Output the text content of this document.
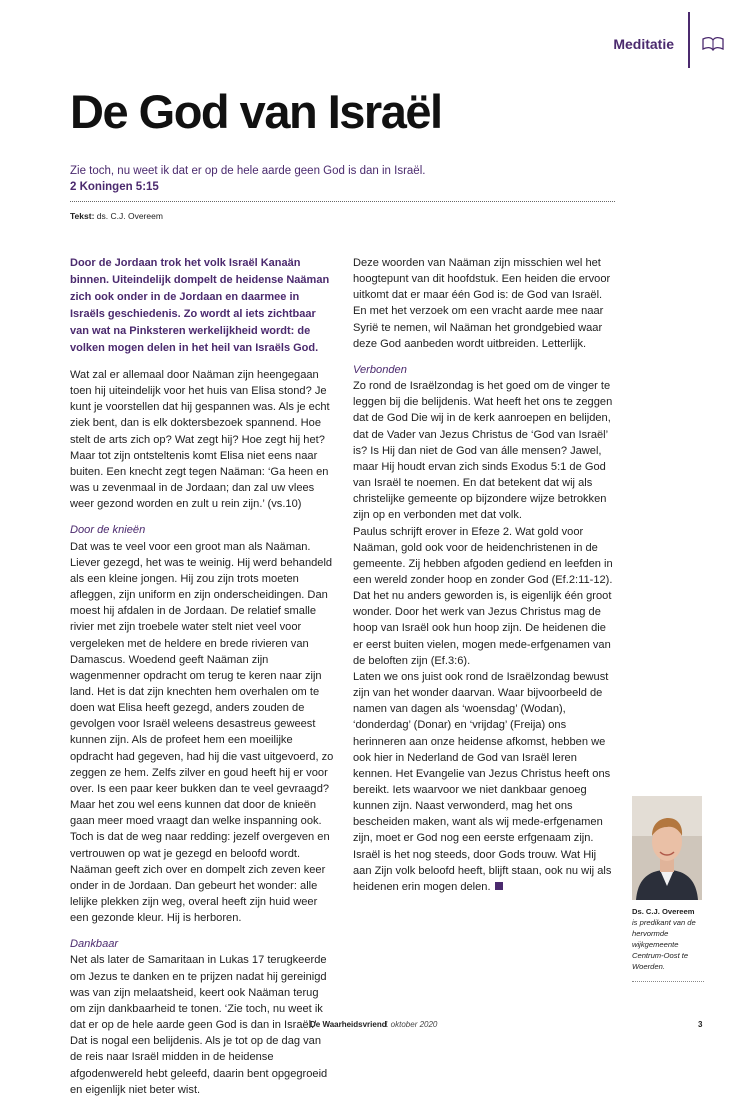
Meditatie
De God van Israël
Zie toch, nu weet ik dat er op de hele aarde geen God is dan in Israël.
2 Koningen 5:15
Tekst: ds. C.J. Overeem

Door de Jordaan trok het volk Israël Kanaän binnen. Uiteindelijk dompelt de heidense Naäman zich ook onder in de Jordaan en daarmee in Israëls geschiedenis. Zo wordt al iets zichtbaar van wat na Pinksteren werkelijkheid wordt: de volken mogen delen in het heil van Israëls God.

Wat zal er allemaal door Naäman zijn heengegaan toen hij uiteindelijk voor het huis van Elisa stond? Je kunt je voorstellen dat hij gespannen was. Als je echt ziek bent, dan is elk doktersbezoek spannend. Hoe stelt de arts zich op? Wat zegt hij? Hoe zegt hij het? Maar tot zijn ontsteltenis komt Elisa niet eens naar buiten. Een knecht zegt tegen Naäman: ‘Ga heen en was u zevenmaal in de Jordaan; dan zal uw vlees weer gezond worden en zult u rein zijn.’ (vs.10)

Door de knieën

Dat was te veel voor een groot man als Naäman. Liever gezegd, het was te weinig. Hij werd behandeld als een kleine jongen. Hij zou zijn trots moeten afleggen, zijn uniform en zijn onderscheidingen. Dan moest hij afdalen in de Jordaan. De relatief smalle rivier met zijn troebele water stelt niet veel voor vergeleken met de heldere en brede rivieren van Damascus. Woedend geeft Naäman zijn wagenmenner opdracht om terug te keren naar zijn land. Het is dat zijn knechten hem overhalen om te doen wat Elisa heeft gezegd, anders zouden de gevolgen voor Israël weleens desastreus geweest kunnen zijn. Als de profeet hem een moeilijke opdracht had gegeven, had hij die vast uitgevoerd, zo zeggen ze hem. Zelfs zilver en goud heeft hij er voor over. Is een paar keer bukken dan te veel gevraagd? Maar het zou wel eens kunnen dat door de knieën gaan meer moed vraagt dan welke inspanning ook. Toch is dat de weg naar redding: jezelf overgeven en vertrouwen op wat je gezegd en beloofd wordt.

Naäman geeft zich over en dompelt zich zeven keer onder in de Jordaan. Dan gebeurt het wonder: alle lelijke plekken zijn weg, overal heeft zijn huid weer een gezonde kleur. Hij is herboren.

Dankbaar

Net als later de Samaritaan in Lukas 17 terugkeerde om Jezus te danken en te prijzen nadat hij gereinigd was van zijn melaatsheid, keert ook Naäman terug om zijn dankbaarheid te tonen. ‘Zie toch, nu weet ik dat er op de hele aarde geen God is dan in Israël.’ Dat is nogal een belijdenis. Als je tot op de dag van de reis naar Israël midden in de heidense afgodenwereld hebt geleefd, daarin bent opgegroeid en eigenlijk niet beter wist.

Deze woorden van Naäman zijn misschien wel het hoogtepunt van dit hoofdstuk. Een heiden die ervoor uitkomt dat er maar één God is: de God van Israël. En met het verzoek om een vracht aarde mee naar Syrië te nemen, wil Naäman het grondgebied waar deze God aanbeden wordt uitbreiden. Letterlijk.

Verbonden

Zo rond de Israëlzondag is het goed om de vinger te leggen bij die belijdenis. Wat heeft het ons te zeggen dat de God Die wij in de kerk aanroepen en belijden, dat de Vader van Jezus Christus de ‘God van Israël’ is? Is Hij dan niet de God van álle mensen? Jawel, maar Hij houdt ervan zich sinds Exodus 5:1 de God van Israël te noemen. En dat betekent dat wij als christelijke gemeente op bijzondere wijze betrokken zijn op en verbonden met dat volk.

Paulus schrijft erover in Efeze 2. Wat gold voor Naäman, gold ook voor de heidenchristenen in de gemeente. Zij hebben afgoden gediend en leefden in een wereld zonder hoop en zonder God (Ef.2:11-12). Dat het nu anders geworden is, is eigenlijk één groot wonder. Door het werk van Jezus Christus mag de hoop van Israël ook hun hoop zijn. De heidenen die er eerst buiten vielen, mogen mede-erfgenamen van de beloften zijn (Ef.3:6).

Laten we ons juist ook rond de Israëlzondag bewust zijn van het wonder daarvan. Waar bijvoorbeeld de namen van dagen als ‘woensdag’ (Wodan), ‘donderdag’ (Donar) en ‘vrijdag’ (Freija) ons herinneren aan onze heidense afkomst, hebben we ook hier in Nederland de God van Israël leren kennen. Het Evangelie van Jezus Christus heeft ons bereikt. Iets waarvoor we niet dankbaar genoeg kunnen zijn. Naast verwonderd, mag het ons bescheiden maken, want als wij mede-erfgenamen zijn, moet er God nog een eerste erfgenaam zijn. Israël is het nog steeds, door Gods trouw. Wat Hij aan Zijn volk beloofd heeft, blijft staan, ook nu wij als heidenen erin mogen delen.

Ds. C.J. Overeem
is predikant van de hervormde wijkgemeente Centrum-Oost te Woerden.
De Waarheidsvriend
1 oktober 2020	3
